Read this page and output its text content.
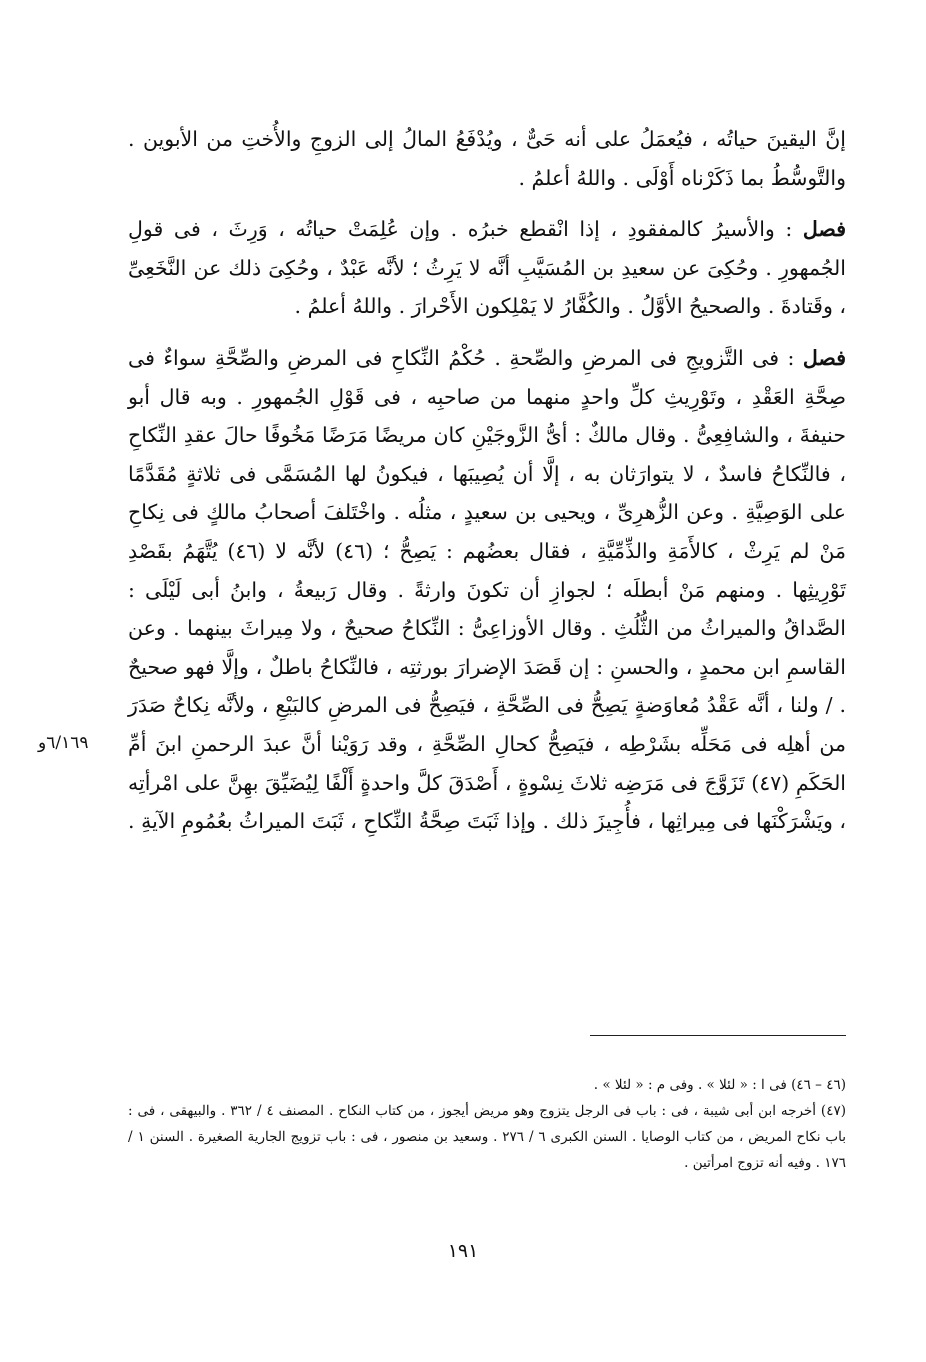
إنَّ اليقينَ حياتُه ، فيُعمَلُ على أنه حَىٌّ ، ويُدْفَعُ المالُ إلى الزوجِ والأُختِ من الأبوين . والتَّوسُّطُ بما ذَكَرْناه أَوْلَى . واللهُ أعلمُ .

فصل : والأسيرُ كالمفقودِ ، إذا انْقطع خبرُه . وإن عُلِمَتْ حياتُه ، وَرِثَ ، فى قولِ الجُمهورِ . وحُكِىَ عن سعيدِ بن المُسَيَّبِ أنَّه لا يَرِثُ ؛ لأنَّه عَبْدٌ ، وحُكِىَ ذلك عن النَّخَعِىِّ ، وقَتادةَ . والصحيحُ الأوَّلُ . والكُفَّارُ لا يَمْلِكون الأَحْرارَ . واللهُ أعلمُ .

فصل : فى التَّزويجِ فى المرضِ والصِّحةِ . حُكْمُ النِّكاحِ فى المرضِ والصِّحَّةِ سواءٌ فى صِحَّةِ العَقْدِ ، وتَوْرِيثِ كلِّ واحدٍ منهما من صاحبِه ، فى قَوْلِ الجُمهورِ . وبه قال أبو حنيفةَ ، والشافِعِىُّ . وقال مالكٌ : أىُّ الزَّوجَيْنِ كان مريضًا مَرَضًا مَخُوفًا حالَ عقدِ النِّكاحِ ، فالنِّكاحُ فاسدٌ ، لا يتوارَثان به ، إلَّا أن يُصِيبَها ، فيكونُ لها المُسَمَّى فى ثلاثةٍ مُقَدَّمًا على الوَصِيَّةِ . وعن الزُّهرِىِّ ، ويحيى بن سعيدٍ ، مثلُه . واخْتَلفَ أصحابُ مالكٍ فى نِكاحِ مَنْ لم يَرِثْ ، كالأَمَةِ والذِّمِّيَّةِ ، فقال بعضُهم : يَصِحُّ ؛ (٤٦) لأنَّه لا (٤٦) يُتَّهَمُ بقَصْدِ تَوْرِيثِها . ومنهم مَنْ أبطلَه ؛ لجوازِ أن تكونَ وارثةً . وقال رَبيعةُ ، وابنُ أبى لَيْلَى : الصَّداقُ والميراثُ من الثُّلُثِ . وقال الأوزاعِىُّ : النِّكاحُ صحيحٌ ، ولا مِيراثَ بينهما . وعن القاسمِ ابن محمدٍ ، والحسنِ : إن قَصَدَ الإضرارَ بورثتِه ، فالنِّكاحُ باطلٌ ، وإلَّا فهو صحيحٌ . / ولنا ، أنَّه عَقْدُ مُعاوَضةٍ يَصِحُّ فى الصِّحَّةِ ، فيَصِحُّ فى المرضِ كالبَيْعِ ، ولأنَّه نِكاحٌ صَدَرَ من أهلِه فى مَحَلِّه بشَرْطِه ، فيَصِحُّ كحالِ الصِّحَّةِ ، وقد رَوَيْنا أنَّ عبدَ الرحمنِ ابنَ أمِّ الحَكَمِ (٤٧) تَزَوَّجَ فى مَرَضِه ثلاثَ نِسْوةٍ ، أَصْدَقَ كلَّ واحدةٍ أَلْفًا لِيُضَيِّقَ بهِنَّ على امْرأتِه ، ويَشْرَكْنَها فى مِيراثِها ، فأُجِيزَ ذلك . وإذا ثَبَتَ صِحَّةُ النِّكاحِ ، ثَبَتَ الميراثُ بعُمُومِ الآيةِ .

٦/١٦٩و

(٤٦ – ٤٦) فى ا : « لئلا » . وفى م : « لئلا » .

(٤٧) أخرجه ابن أبى شيبة ، فى : باب فى الرجل يتزوج وهو مريض أيجوز ، من كتاب النكاح . المصنف ٤ / ٣٦٢ . والبيهقى ، فى : باب نكاح المريض ، من كتاب الوصايا . السنن الكبرى ٦ / ٢٧٦ . وسعيد بن منصور ، فى : باب تزويج الجارية الصغيرة . السنن ١ / ١٧٦ . وفيه أنه تزوج امرأتين .

١٩١
